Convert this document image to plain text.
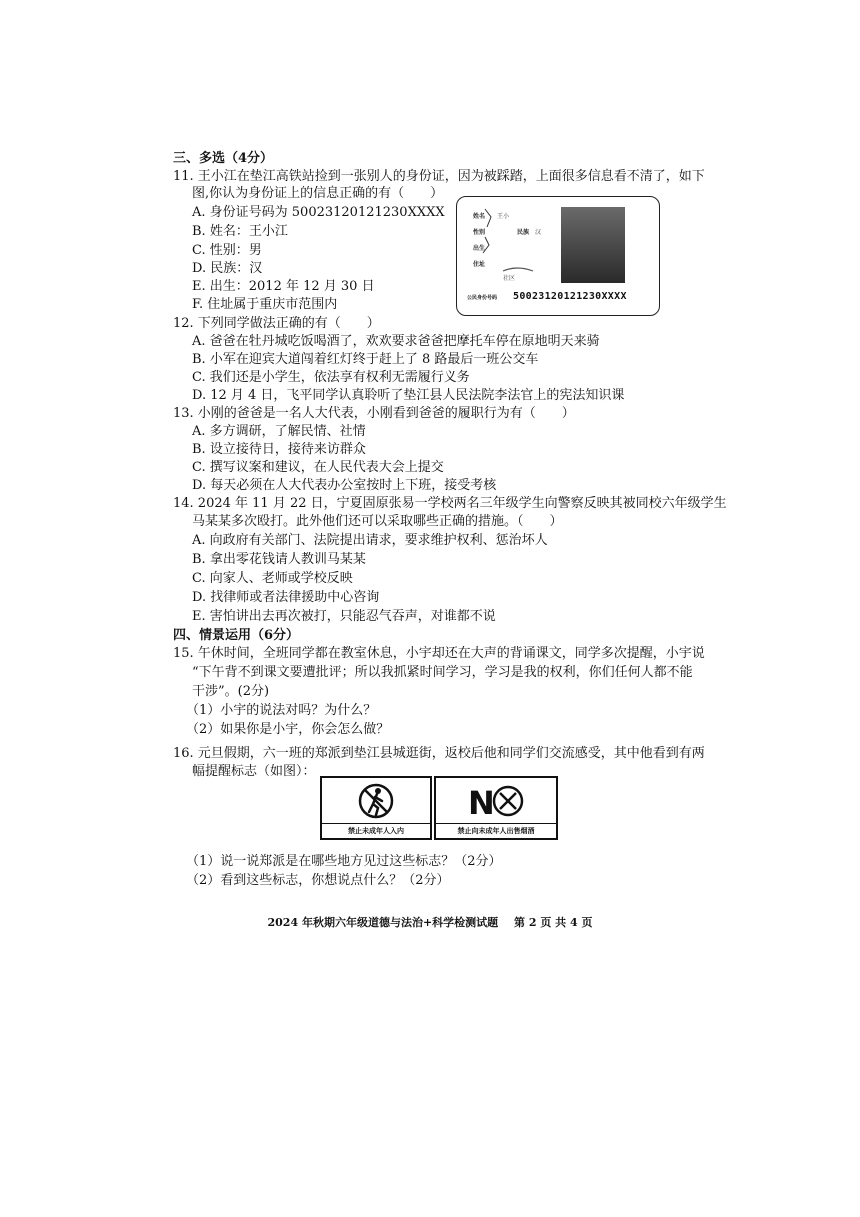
三、多选（4分）
11. 王小江在垫江高铁站捡到一张别人的身份证，因为被踩踏，上面很多信息看不清了，如下
图,你认为身份证上的信息正确的有（　　）
A. 身份证号码为 50023120121230XXXX
B. 姓名：王小江
C. 性别：男
D. 民族：汉
E. 出生：2012 年 12 月 30 日
F. 住址属于重庆市范围内
姓名 王小
性别	民族 汉
出生
住址
社区
公民身份号码 50023120121230XXXX
12. 下列同学做法正确的有（　　）
A. 爸爸在牡丹城吃饭喝酒了，欢欢要求爸爸把摩托车停在原地明天来骑
B. 小军在迎宾大道闯着红灯终于赶上了 8 路最后一班公交车
C. 我们还是小学生，依法享有权利无需履行义务
D. 12 月 4 日，飞平同学认真聆听了垫江县人民法院李法官上的宪法知识课
13. 小刚的爸爸是一名人大代表，小刚看到爸爸的履职行为有（　　）
A. 多方调研，了解民情、社情
B. 设立接待日，接待来访群众
C. 撰写议案和建议，在人民代表大会上提交
D. 每天必须在人大代表办公室按时上下班，接受考核
14. 2024 年 11 月 22 日，宁夏固原张易一学校两名三年级学生向警察反映其被同校六年级学生
马某某多次殴打。此外他们还可以采取哪些正确的措施。（　　）
A. 向政府有关部门、法院提出请求，要求维护权利、惩治坏人
B. 拿出零花钱请人教训马某某
C. 向家人、老师或学校反映
D. 找律师或者法律援助中心咨询
E. 害怕讲出去再次被打，只能忍气吞声，对谁都不说
四、情景运用（6分）
15. 午休时间，全班同学都在教室休息，小宇却还在大声的背诵课文，同学多次提醒，小宇说
“下午背不到课文要遭批评；所以我抓紧时间学习，学习是我的权利，你们任何人都不能
干涉”。(2分)
（1）小宇的说法对吗？为什么？
（2）如果你是小宇，你会怎么做？
16. 元旦假期，六一班的郑派到垫江县城逛街，返校后他和同学们交流感受，其中他看到有两
幅提醒标志（如图）：
禁止未成年人入内
N
禁止向未成年人出售烟酒
（1）说一说郑派是在哪些地方见过这些标志？（2分）
（2）看到这些标志，你想说点什么？（2分）
2024 年秋期六年级道德与法治+科学检测试题 第 2 页 共 4 页
